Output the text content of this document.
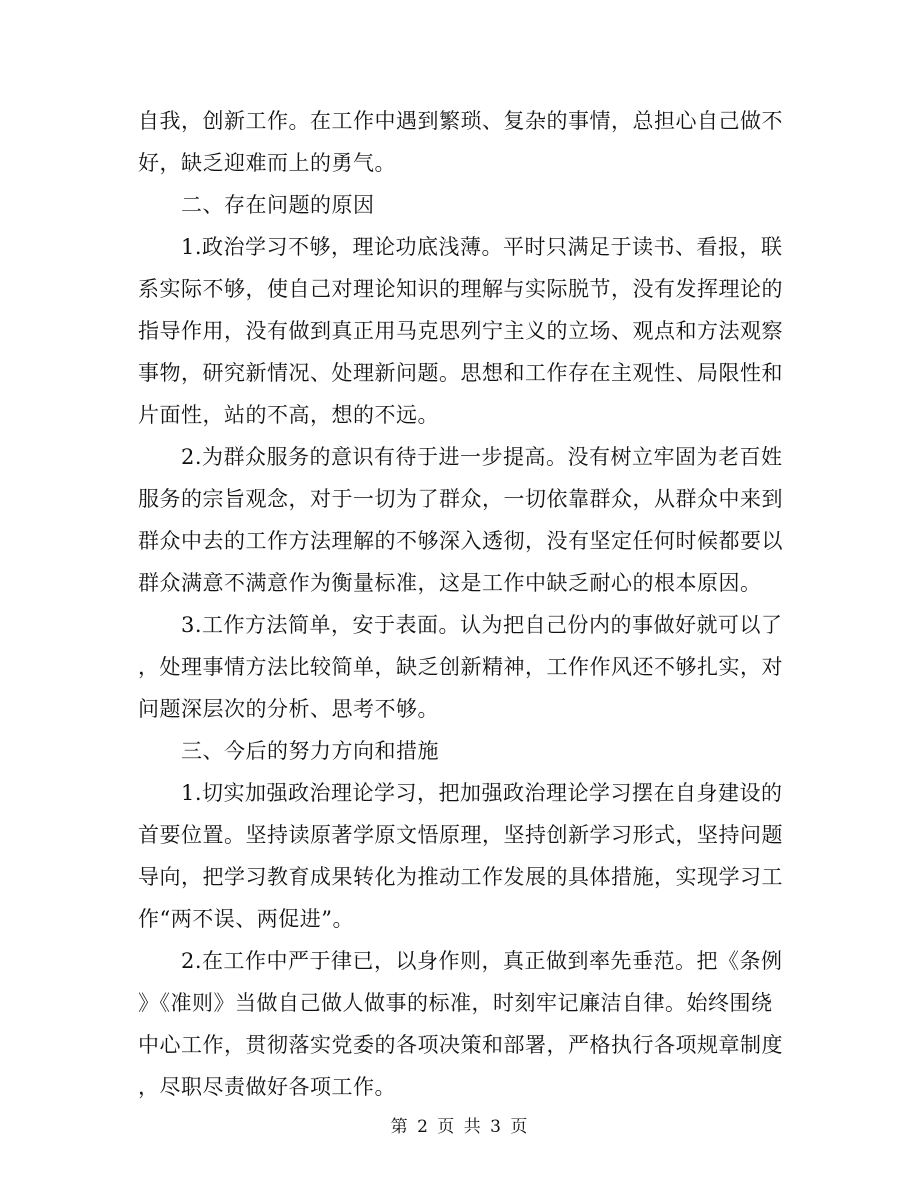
自我，创新工作。在工作中遇到繁琐、复杂的事情，总担心自己做不
好，缺乏迎难而上的勇气。
二、存在问题的原因
1.政治学习不够，理论功底浅薄。平时只满足于读书、看报，联
系实际不够，使自己对理论知识的理解与实际脱节，没有发挥理论的
指导作用，没有做到真正用马克思列宁主义的立场、观点和方法观察
事物，研究新情况、处理新问题。思想和工作存在主观性、局限性和
片面性，站的不高，想的不远。
2.为群众服务的意识有待于进一步提高。没有树立牢固为老百姓
服务的宗旨观念，对于一切为了群众，一切依靠群众，从群众中来到
群众中去的工作方法理解的不够深入透彻，没有坚定任何时候都要以
群众满意不满意作为衡量标准，这是工作中缺乏耐心的根本原因。
3.工作方法简单，安于表面。认为把自己份内的事做好就可以了
，处理事情方法比较简单，缺乏创新精神，工作作风还不够扎实，对
问题深层次的分析、思考不够。
三、今后的努力方向和措施
1.切实加强政治理论学习，把加强政治理论学习摆在自身建设的
首要位置。坚持读原著学原文悟原理，坚持创新学习形式，坚持问题
导向，把学习教育成果转化为推动工作发展的具体措施，实现学习工
作“两不误、两促进”。
2.在工作中严于律已，以身作则，真正做到率先垂范。把《条例
》《准则》当做自己做人做事的标准，时刻牢记廉洁自律。始终围绕
中心工作，贯彻落实党委的各项决策和部署，严格执行各项规章制度
，尽职尽责做好各项工作。
第 2 页 共 3 页
